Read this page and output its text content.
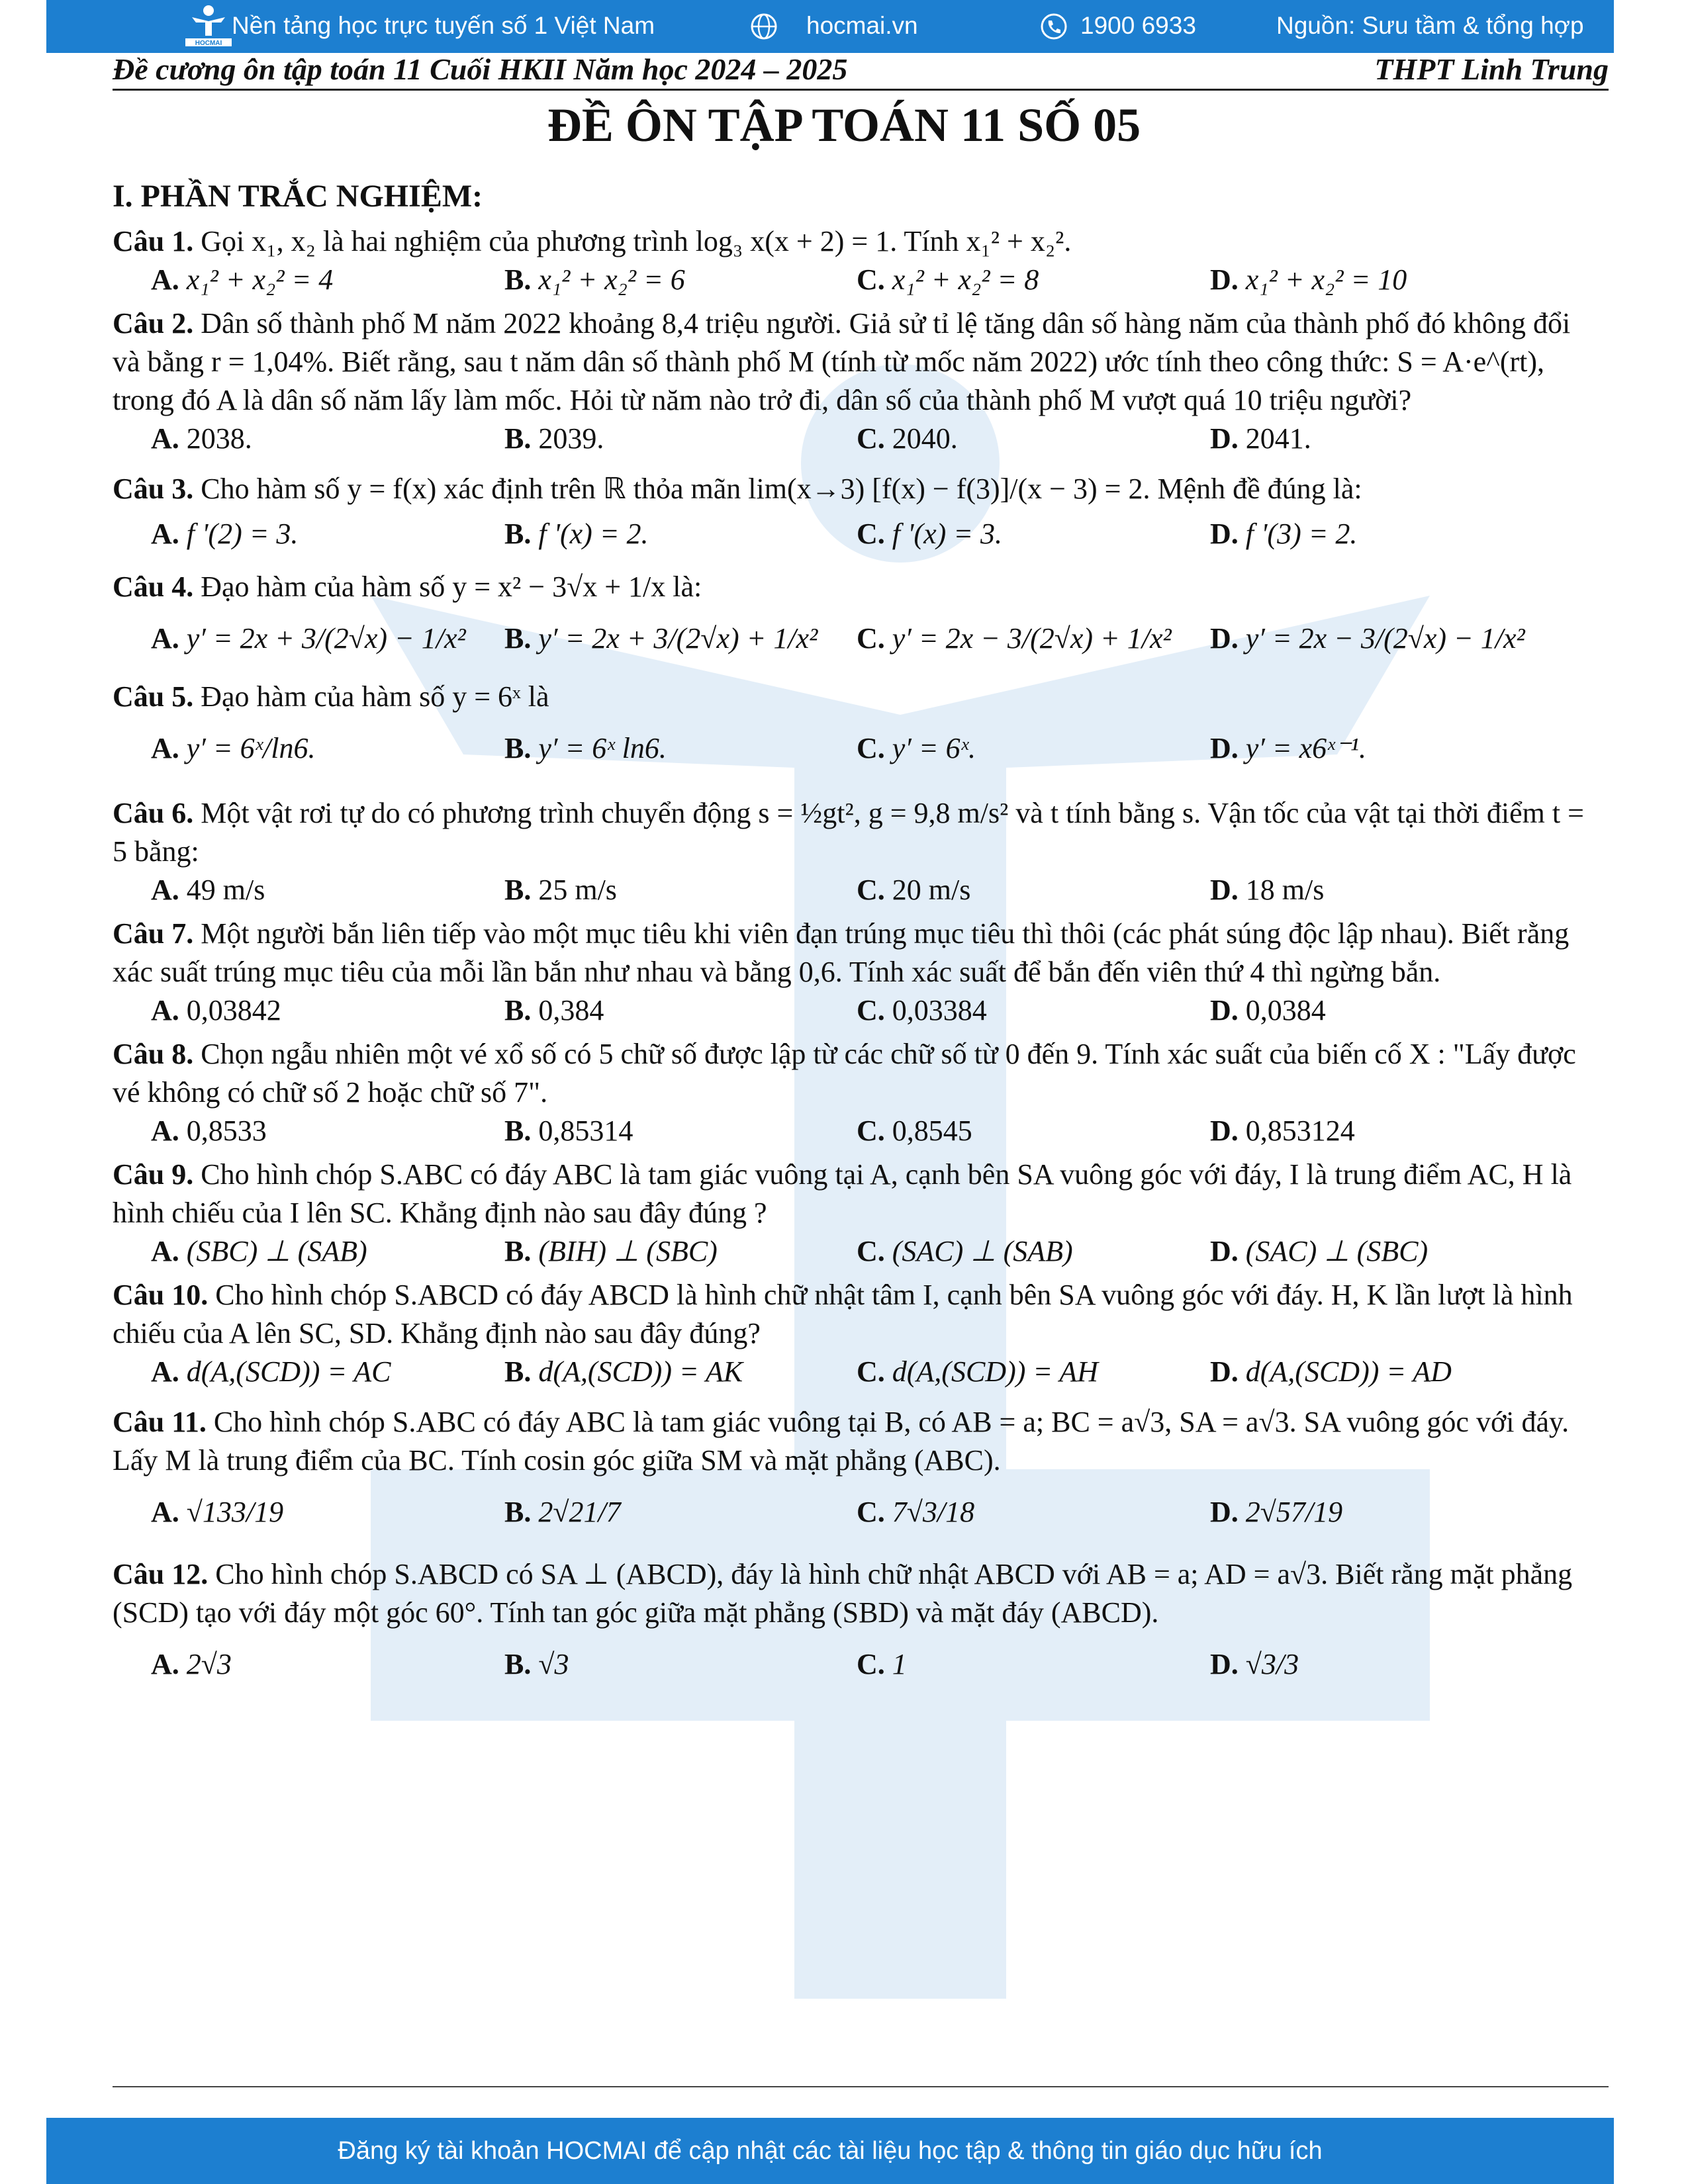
HOCMAI
Nền tảng học trực tuyến số 1 Việt Nam	hocmai.vn	1900 6933	Nguồn: Sưu tầm & tổng hợp
Đề cương ôn tập toán 11 Cuối HKII Năm học 2024 – 2025	THPT Linh Trung
ĐỀ ÔN TẬP TOÁN 11 SỐ 05
I. PHẦN TRẮC NGHIỆM:
Câu 1. Gọi x₁, x₂ là hai nghiệm của phương trình log₃ x(x + 2) = 1. Tính x₁² + x₂².
A. x₁² + x₂² = 4	B. x₁² + x₂² = 6	C. x₁² + x₂² = 8	D. x₁² + x₂² = 10
Câu 2. Dân số thành phố M năm 2022 khoảng 8,4 triệu người. Giả sử tỉ lệ tăng dân số hàng năm của thành phố đó không đổi và bằng r = 1,04%. Biết rằng, sau t năm dân số thành phố M (tính từ mốc năm 2022) ước tính theo công thức: S = A·e^(rt), trong đó A là dân số năm lấy làm mốc. Hỏi từ năm nào trở đi, dân số của thành phố M vượt quá 10 triệu người?
A. 2038.	B. 2039.	C. 2040.	D. 2041.
Câu 3. Cho hàm số y = f(x) xác định trên ℝ thỏa mãn lim(x→3) [f(x) − f(3)]/(x − 3) = 2. Mệnh đề đúng là:
A. f '(2) = 3.	B. f '(x) = 2.	C. f '(x) = 3.	D. f '(3) = 2.
Câu 4. Đạo hàm của hàm số y = x² − 3√x + 1/x là:
A. y′ = 2x + 3/(2√x) − 1/x² B. y′ = 2x + 3/(2√x) + 1/x² C. y′ = 2x − 3/(2√x) + 1/x² D. y′ = 2x − 3/(2√x) − 1/x²
Câu 5. Đạo hàm của hàm số y = 6ˣ là
A. y′ = 6ˣ/ln6.	B. y′ = 6ˣ ln6.	C. y′ = 6ˣ.	D. y′ = x6ˣ⁻¹.
Câu 6. Một vật rơi tự do có phương trình chuyển động s = ½gt², g = 9,8 m/s² và t tính bằng s. Vận tốc của vật tại thời điểm t = 5 bằng:
A. 49 m/s	B. 25 m/s	C. 20 m/s	D. 18 m/s
Câu 7. Một người bắn liên tiếp vào một mục tiêu khi viên đạn trúng mục tiêu thì thôi (các phát súng độc lập nhau). Biết rằng xác suất trúng mục tiêu của mỗi lần bắn như nhau và bằng 0,6. Tính xác suất để bắn đến viên thứ 4 thì ngừng bắn.
A. 0,03842	B. 0,384	C. 0,03384	D. 0,0384
Câu 8. Chọn ngẫu nhiên một vé xổ số có 5 chữ số được lập từ các chữ số từ 0 đến 9. Tính xác suất của biến cố X : "Lấy được vé không có chữ số 2 hoặc chữ số 7".
A. 0,8533	B. 0,85314	C. 0,8545	D. 0,853124
Câu 9. Cho hình chóp S.ABC có đáy ABC là tam giác vuông tại A, cạnh bên SA vuông góc với đáy, I là trung điểm AC, H là hình chiếu của I lên SC. Khẳng định nào sau đây đúng ?
A. (SBC) ⊥ (SAB)	B. (BIH) ⊥ (SBC)	C. (SAC) ⊥ (SAB)	D. (SAC) ⊥ (SBC)
Câu 10. Cho hình chóp S.ABCD có đáy ABCD là hình chữ nhật tâm I, cạnh bên SA vuông góc với đáy. H, K lần lượt là hình chiếu của A lên SC, SD. Khẳng định nào sau đây đúng?
A. d(A,(SCD)) = AC	B. d(A,(SCD)) = AK	C. d(A,(SCD)) = AH	D. d(A,(SCD)) = AD
Câu 11. Cho hình chóp S.ABC có đáy ABC là tam giác vuông tại B, có AB = a; BC = a√3, SA = a√3. SA vuông góc với đáy. Lấy M là trung điểm của BC. Tính cosin góc giữa SM và mặt phẳng (ABC).
A. √133/19	B. 2√21/7	C. 7√3/18	D. 2√57/19
Câu 12. Cho hình chóp S.ABCD có SA ⊥ (ABCD), đáy là hình chữ nhật ABCD với AB = a; AD = a√3. Biết rằng mặt phẳng (SCD) tạo với đáy một góc 60°. Tính tan góc giữa mặt phẳng (SBD) và mặt đáy (ABCD).
A. 2√3	B. √3	C. 1	D. √3/3
Đăng ký tài khoản HOCMAI để cập nhật các tài liệu học tập & thông tin giáo dục hữu ích
